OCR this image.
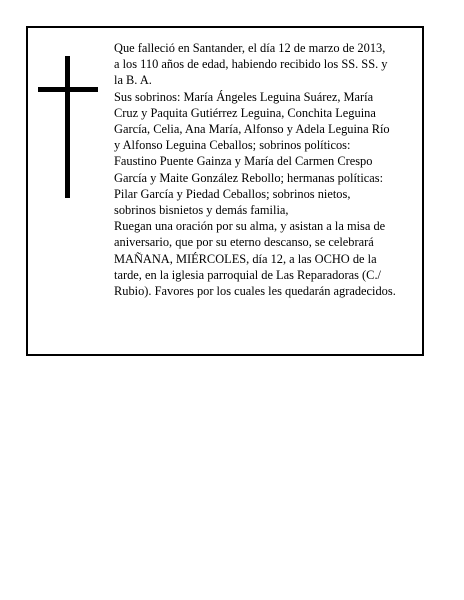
Que falleció en Santander, el día 12 de marzo de 2013,
a los 110 años de edad, habiendo recibido los SS. SS. y
la B. A.
Sus sobrinos: María Ángeles Leguina Suárez, María
Cruz y Paquita Gutiérrez Leguina, Conchita Leguina
García, Celia, Ana María, Alfonso y Adela Leguina Río
y Alfonso Leguina Ceballos; sobrinos políticos:
Faustino Puente Gainza y María del Carmen Crespo
García y Maite González Rebollo; hermanas políticas:
Pilar García y Piedad Ceballos; sobrinos nietos,
sobrinos bisnietos y demás familia,
Ruegan una oración por su alma, y asistan a la misa de
aniversario, que por su eterno descanso, se celebrará
MAÑANA, MIÉRCOLES, día 12, a las OCHO de la
tarde, en la iglesia parroquial de Las Reparadoras (C./
Rubio). Favores por los cuales les quedarán agradecidos.
